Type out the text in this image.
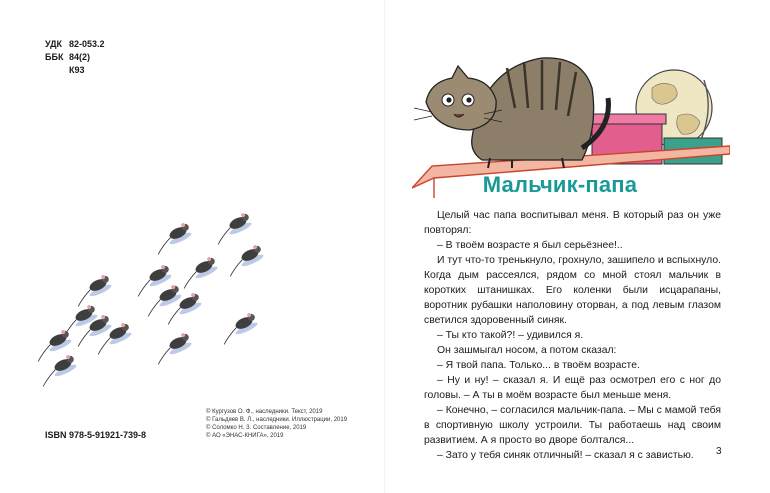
УДК 82-053.2
ББК 84(2)
К93
© Кургузов О. Ф., наследники. Текст, 2019
© Гальдяев В. Л., наследники. Иллюстрации, 2019
© Соломко Н. З. Составление, 2019
© АО «ЭНАС-КНИГА», 2019
ISBN 978-5-91921-739-8
Мальчик-папа

Целый час папа воспитывал меня. В который раз он уже повторял:

– В твоём возрасте я был серьёзнее!..

И тут что-то тренькнуло, грохнуло, зашипело и вспыхнуло. Когда дым рассеялся, рядом со мной стоял мальчик в коротких штанишках. Его коленки были исцарапаны, воротник рубашки наполовину оторван, а под левым глазом светился здоровенный синяк.

– Ты кто такой?! – удивился я.

Он зашмыгал носом, а потом сказал:

– Я твой папа. Только... в твоём возрасте.

– Ну и ну! – сказал я. И ещё раз осмотрел его с ног до головы. – А ты в моём возрасте был меньше меня.

– Конечно, – согласился мальчик-папа. – Мы с мамой тебя в спортивную школу устроили. Ты работаешь над своим развитием. А я просто во дворе болтался...

– Зато у тебя синяк отличный! – сказал я с завистью.	3
